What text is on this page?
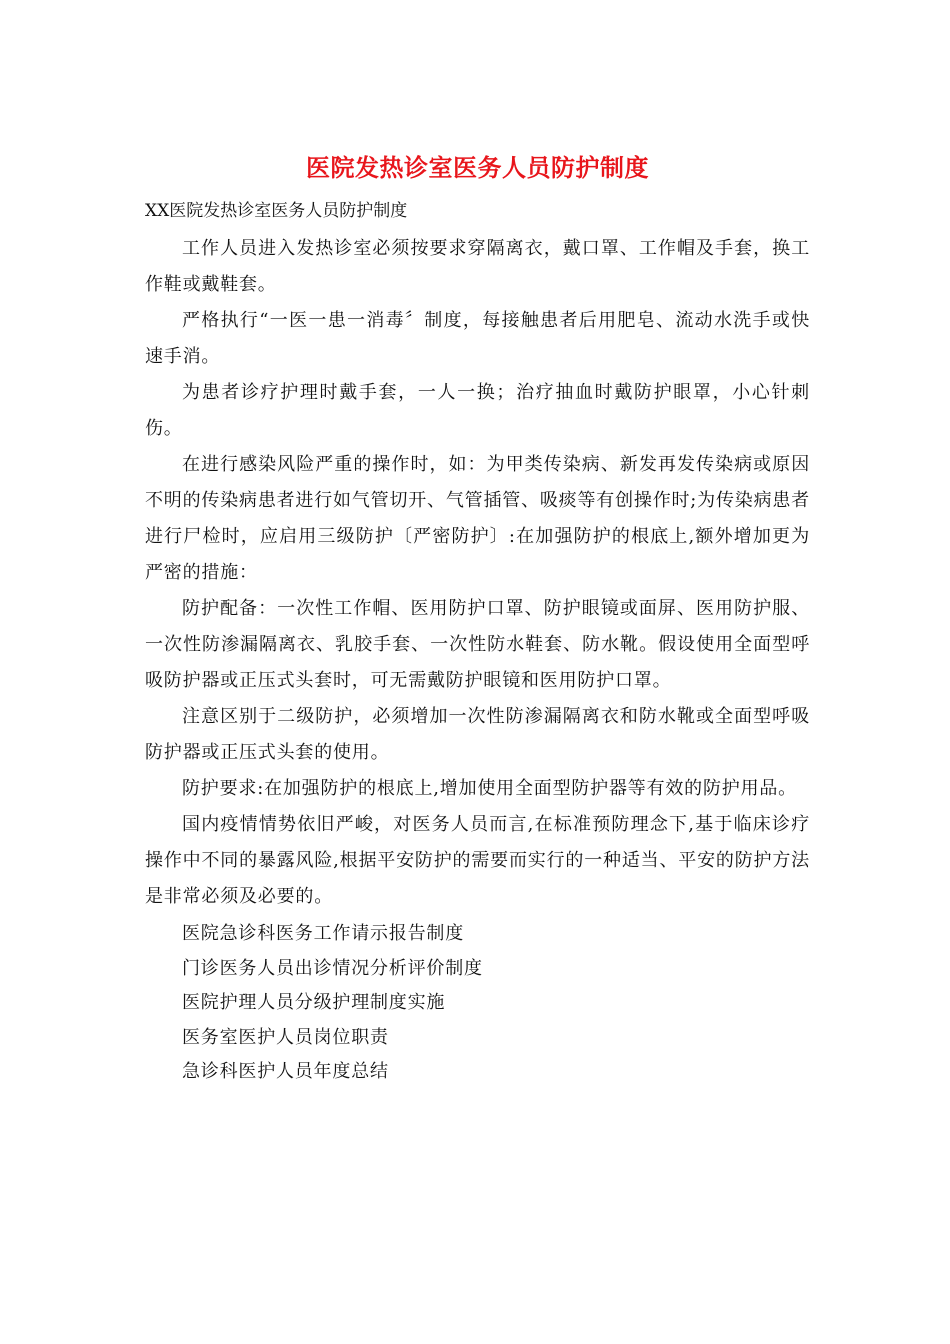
医院发热诊室医务人员防护制度
XX医院发热诊室医务人员防护制度

工作人员进入发热诊室必须按要求穿隔离衣，戴口罩、工作帽及手套，换工作鞋或戴鞋套。

严格执行“一医一患一消毒〞制度，每接触患者后用肥皂、流动水洗手或快速手消。

为患者诊疗护理时戴手套，一人一换；治疗抽血时戴防护眼罩，小心针刺伤。

在进行感染风险严重的操作时，如：为甲类传染病、新发再发传染病或原因不明的传染病患者进行如气管切开、气管插管、吸痰等有创操作时;为传染病患者进行尸检时，应启用三级防护〔严密防护〕:在加强防护的根底上,额外增加更为严密的措施：

防护配备：一次性工作帽、医用防护口罩、防护眼镜或面屏、医用防护服、一次性防渗漏隔离衣、乳胶手套、一次性防水鞋套、防水靴。假设使用全面型呼吸防护器或正压式头套时，可无需戴防护眼镜和医用防护口罩。

注意区别于二级防护，必须增加一次性防渗漏隔离衣和防水靴或全面型呼吸防护器或正压式头套的使用。

防护要求:在加强防护的根底上,增加使用全面型防护器等有效的防护用品。

国内疫情情势依旧严峻，对医务人员而言,在标准预防理念下,基于临床诊疗操作中不同的暴露风险,根据平安防护的需要而实行的一种适当、平安的防护方法是非常必须及必要的。

医院急诊科医务工作请示报告制度
门诊医务人员出诊情况分析评价制度
医院护理人员分级护理制度实施
医务室医护人员岗位职责
急诊科医护人员年度总结
